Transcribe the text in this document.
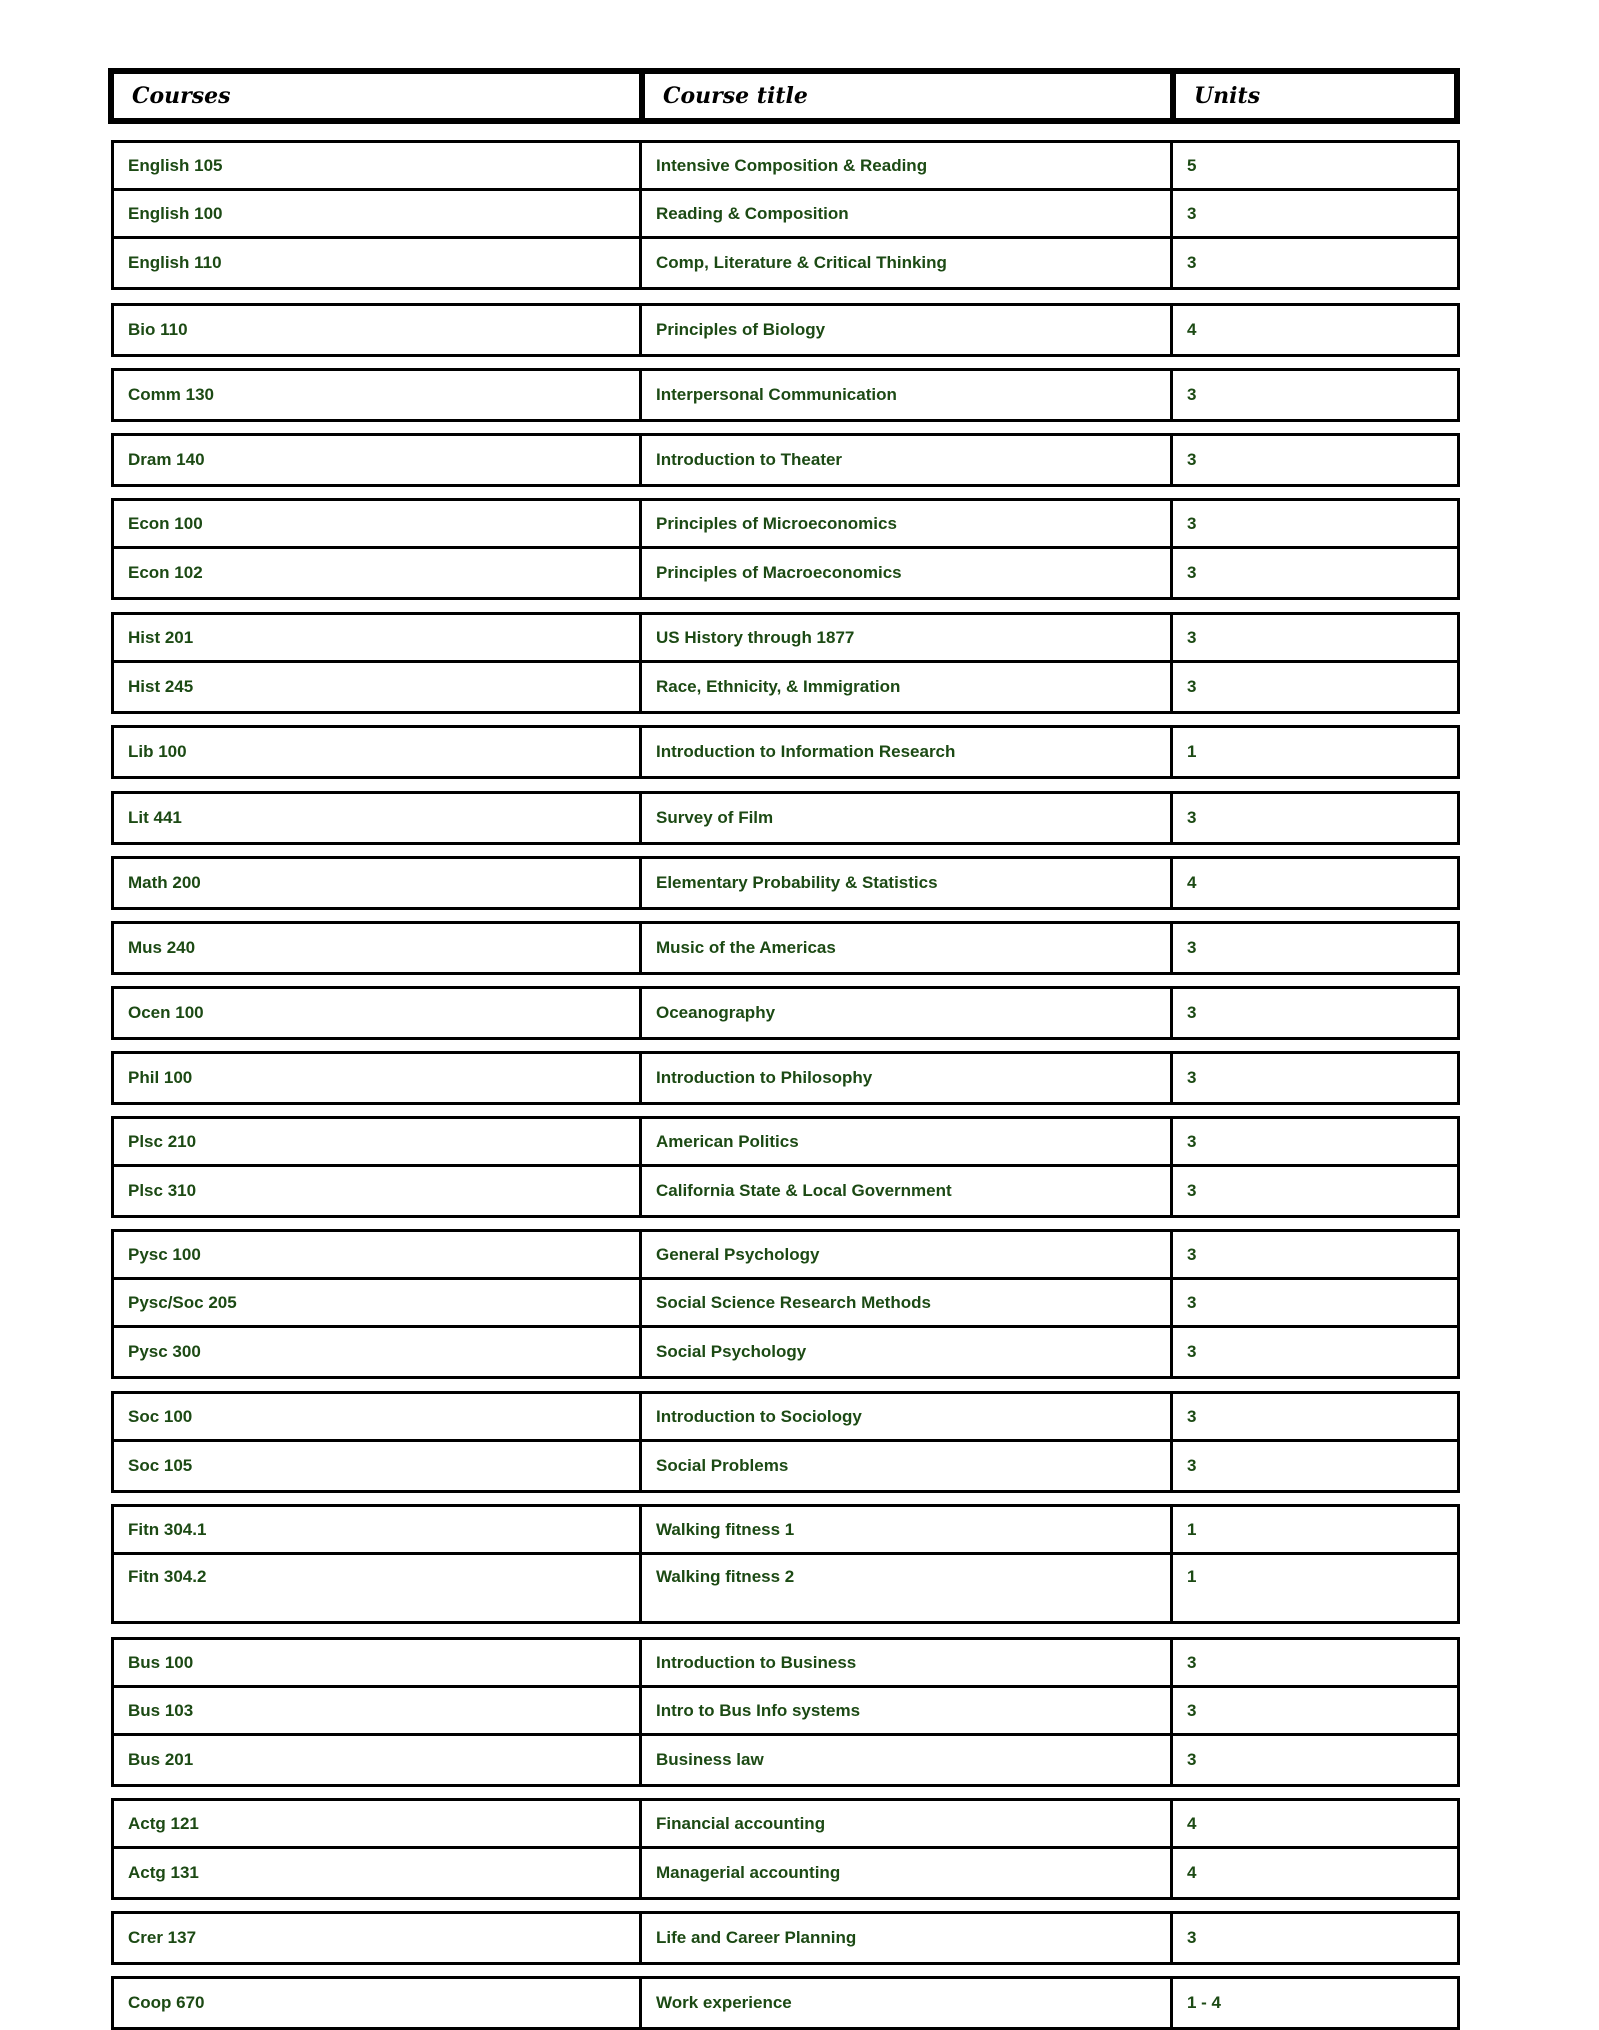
Courses	Course title	Units
English 105	Intensive Composition & Reading	5
English 100	Reading & Composition	3
English 110	Comp, Literature & Critical Thinking	3
Bio 110	Principles of Biology	4
Comm 130	Interpersonal Communication	3
Dram 140	Introduction to Theater	3
Econ 100	Principles of Microeconomics	3
Econ 102	Principles of Macroeconomics	3
Hist 201	US History through 1877	3
Hist 245	Race, Ethnicity, & Immigration	3
Lib 100	Introduction to Information Research	1
Lit 441	Survey of Film	3
Math 200	Elementary Probability & Statistics	4
Mus 240	Music of the Americas	3
Ocen 100	Oceanography	3
Phil 100	Introduction to Philosophy	3
Plsc 210	American Politics	3
Plsc 310	California State & Local Government	3
Pysc 100	General Psychology	3
Pysc/Soc 205	Social Science Research Methods	3
Pysc 300	Social Psychology	3
Soc 100	Introduction to Sociology	3
Soc 105	Social Problems	3
Fitn 304.1	Walking fitness 1	1
Fitn 304.2	Walking fitness 2	1
Bus 100	Introduction to Business	3
Bus 103	Intro to Bus Info systems	3
Bus 201	Business law	3
Actg 121	Financial accounting	4
Actg 131	Managerial accounting	4
Crer 137	Life and Career Planning	3
Coop 670	Work experience	1 - 4
